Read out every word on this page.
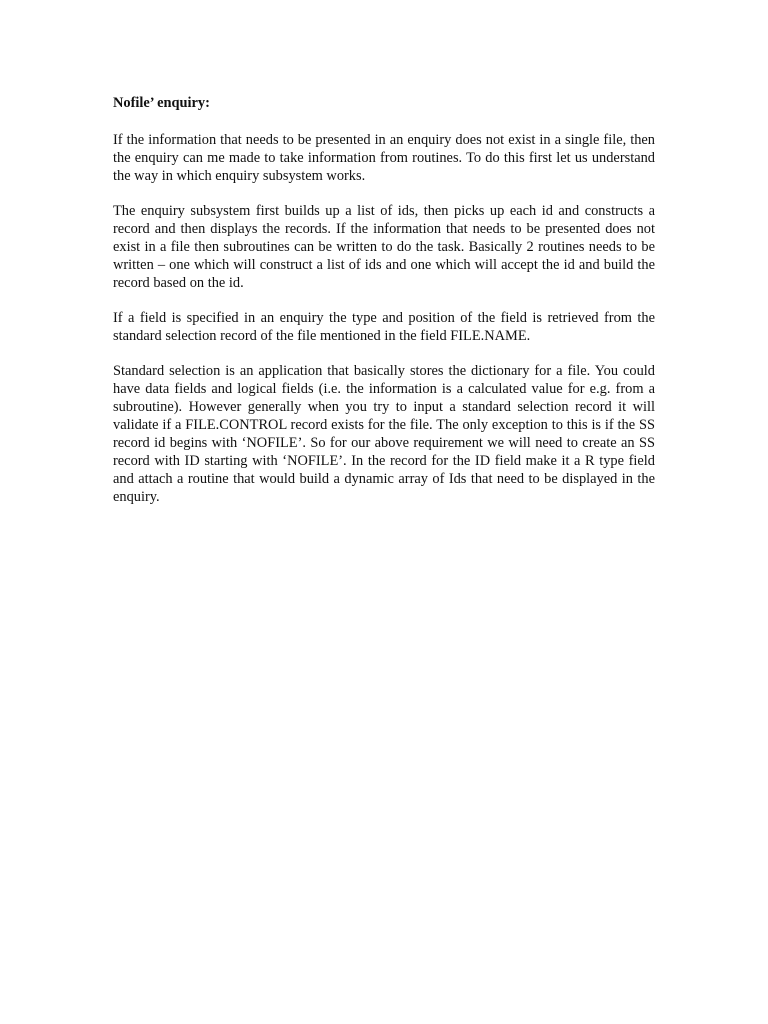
Nofile’ enquiry:

If the information that needs to be presented in an enquiry does not exist in a single file, then the enquiry can me made to take information from routines. To do this first let us understand the way in which enquiry subsystem works.

The enquiry subsystem first builds up a list of ids, then picks up each id and constructs a record and then displays the records. If the information that needs to be presented does not exist in a file then subroutines can be written to do the task. Basically 2 routines needs to be written – one which will construct a list of ids and one which will accept the id and build the record based on the id.

If a field is specified in an enquiry the type and position of the field is retrieved from the standard selection record of the file mentioned in the field FILE.NAME.

Standard selection is an application that basically stores the dictionary for a file. You could have data fields and logical fields (i.e. the information is a calculated value for e.g. from a subroutine). However generally when you try to input a standard selection record it will validate if a FILE.CONTROL record exists for the file. The only exception to this is if the SS record id begins with ‘NOFILE’. So for our above requirement we will need to create an SS record with ID starting with ‘NOFILE’. In the record for the ID field make it a R type field and attach a routine that would build a dynamic array of Ids that need to be displayed in the enquiry.
